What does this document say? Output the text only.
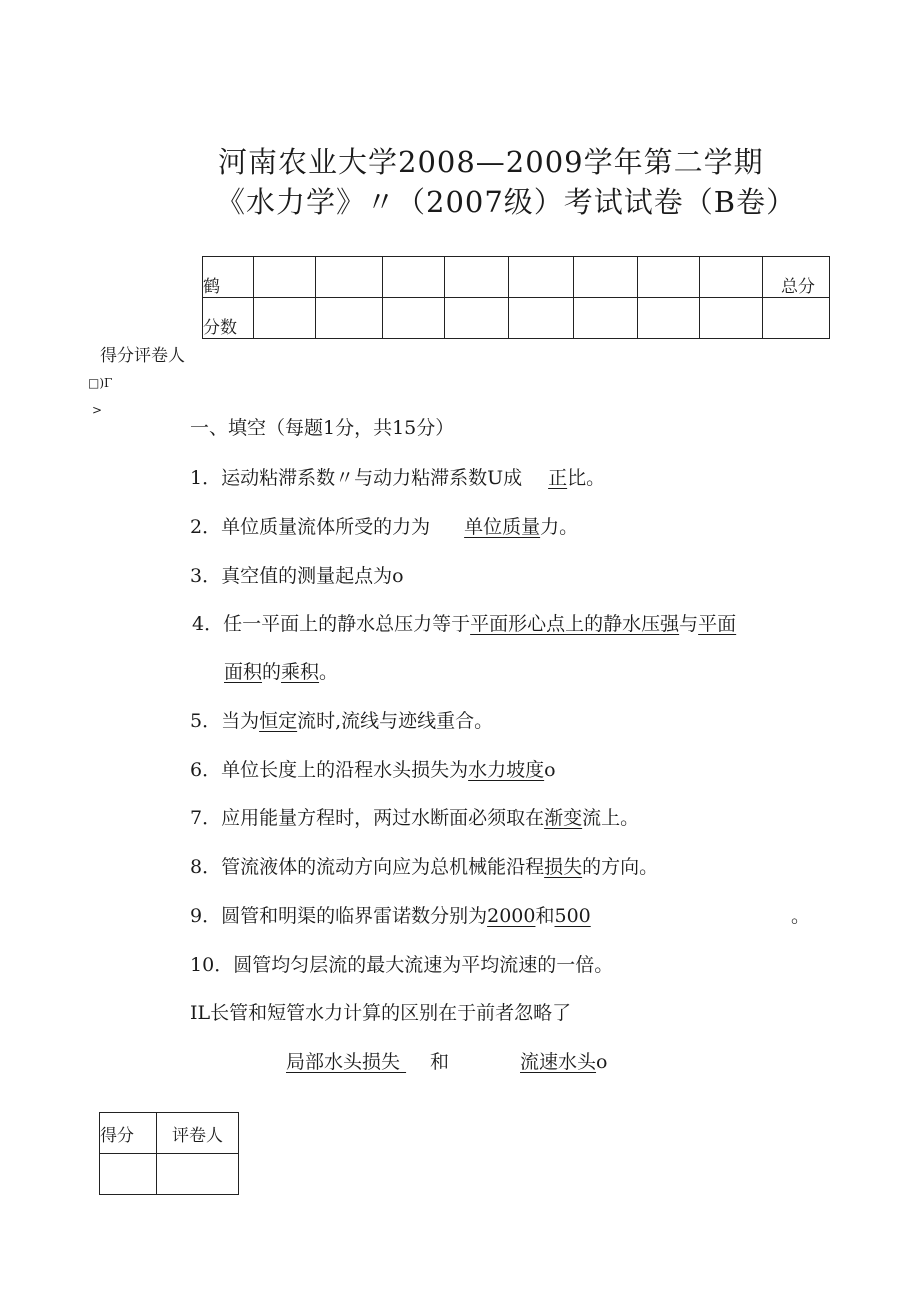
河南农业大学2008—2009学年第二学期
《水力学》〃（2007级）考试试卷（B卷）
鹤									总分
分数									
得分评卷人
□)Γ
>
一、填空（每题1分，共15分）
1．运动粘滞系数〃与动力粘滞系数U成 正比。
2．单位质量流体所受的力为 单位质量力。
3．真空值的测量起点为o
4．任一平面上的静水总压力等于平面形心点上的静水压强与平面
面积的乘积。
5．当为恒定流时,流线与迹线重合。
6．单位长度上的沿程水头损失为水力坡度o
7．应用能量方程时，两过水断面必须取在渐变流上。
8．管流液体的流动方向应为总机械能沿程损失的方向。
9．圆管和明渠的临界雷诺数分别为2000和500	。
10．圆管均匀层流的最大流速为平均流速的一倍。
IL长管和短管水力计算的区别在于前者忽略了
局部水头损失 和	流速水头o
得分	评卷人
